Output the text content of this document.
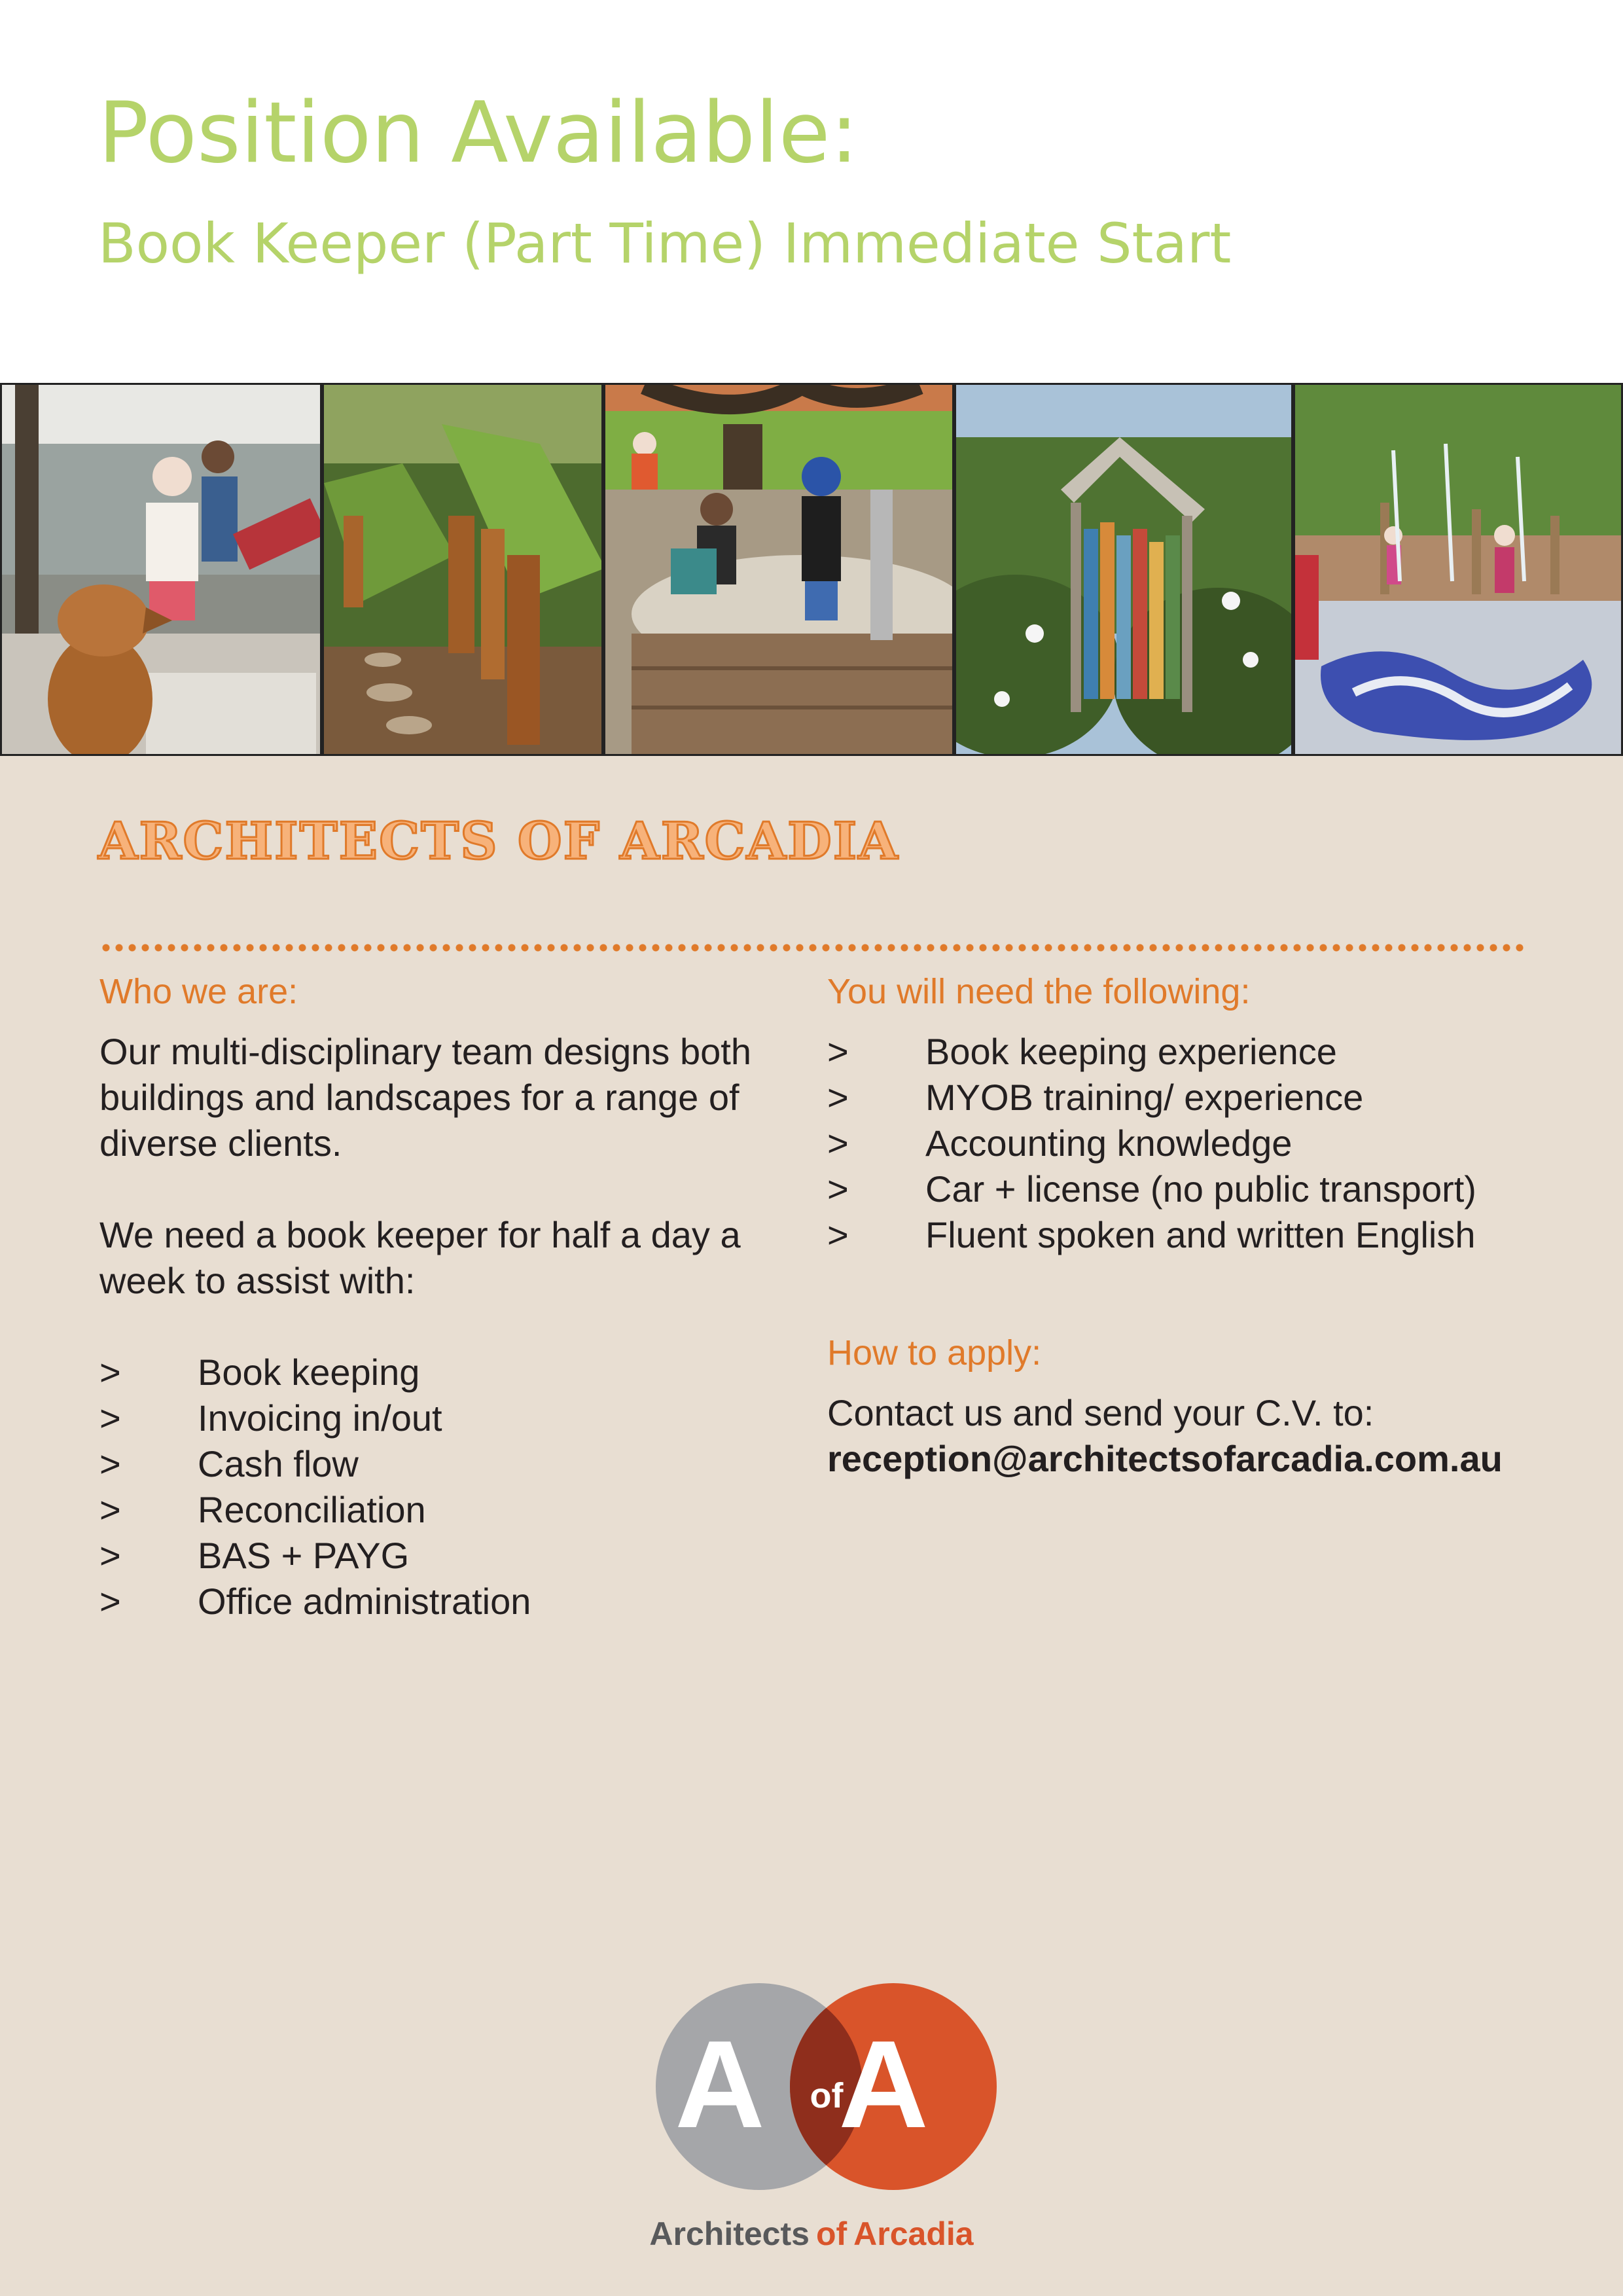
Position Available:
Book Keeper (Part Time) Immediate Start
ARCHITECTS OF ARCADIA
Who we are:

Our multi-disciplinary team designs both buildings and landscapes for a range of diverse clients.

We need a book keeper for half a day a week to assist with:

> Book keeping
> Invoicing in/out
> Cash flow
> Reconciliation
> BAS + PAYG
> Office administration
You will need the following:
> Book keeping experience
> MYOB training/ experience
> Accounting knowledge
> Car + license (no public transport)
> Fluent spoken and written English
How to apply:

Contact us and send your C.V. to:

reception@architectsofarcadia.com.au

A of
A
Architects of Arcadia
